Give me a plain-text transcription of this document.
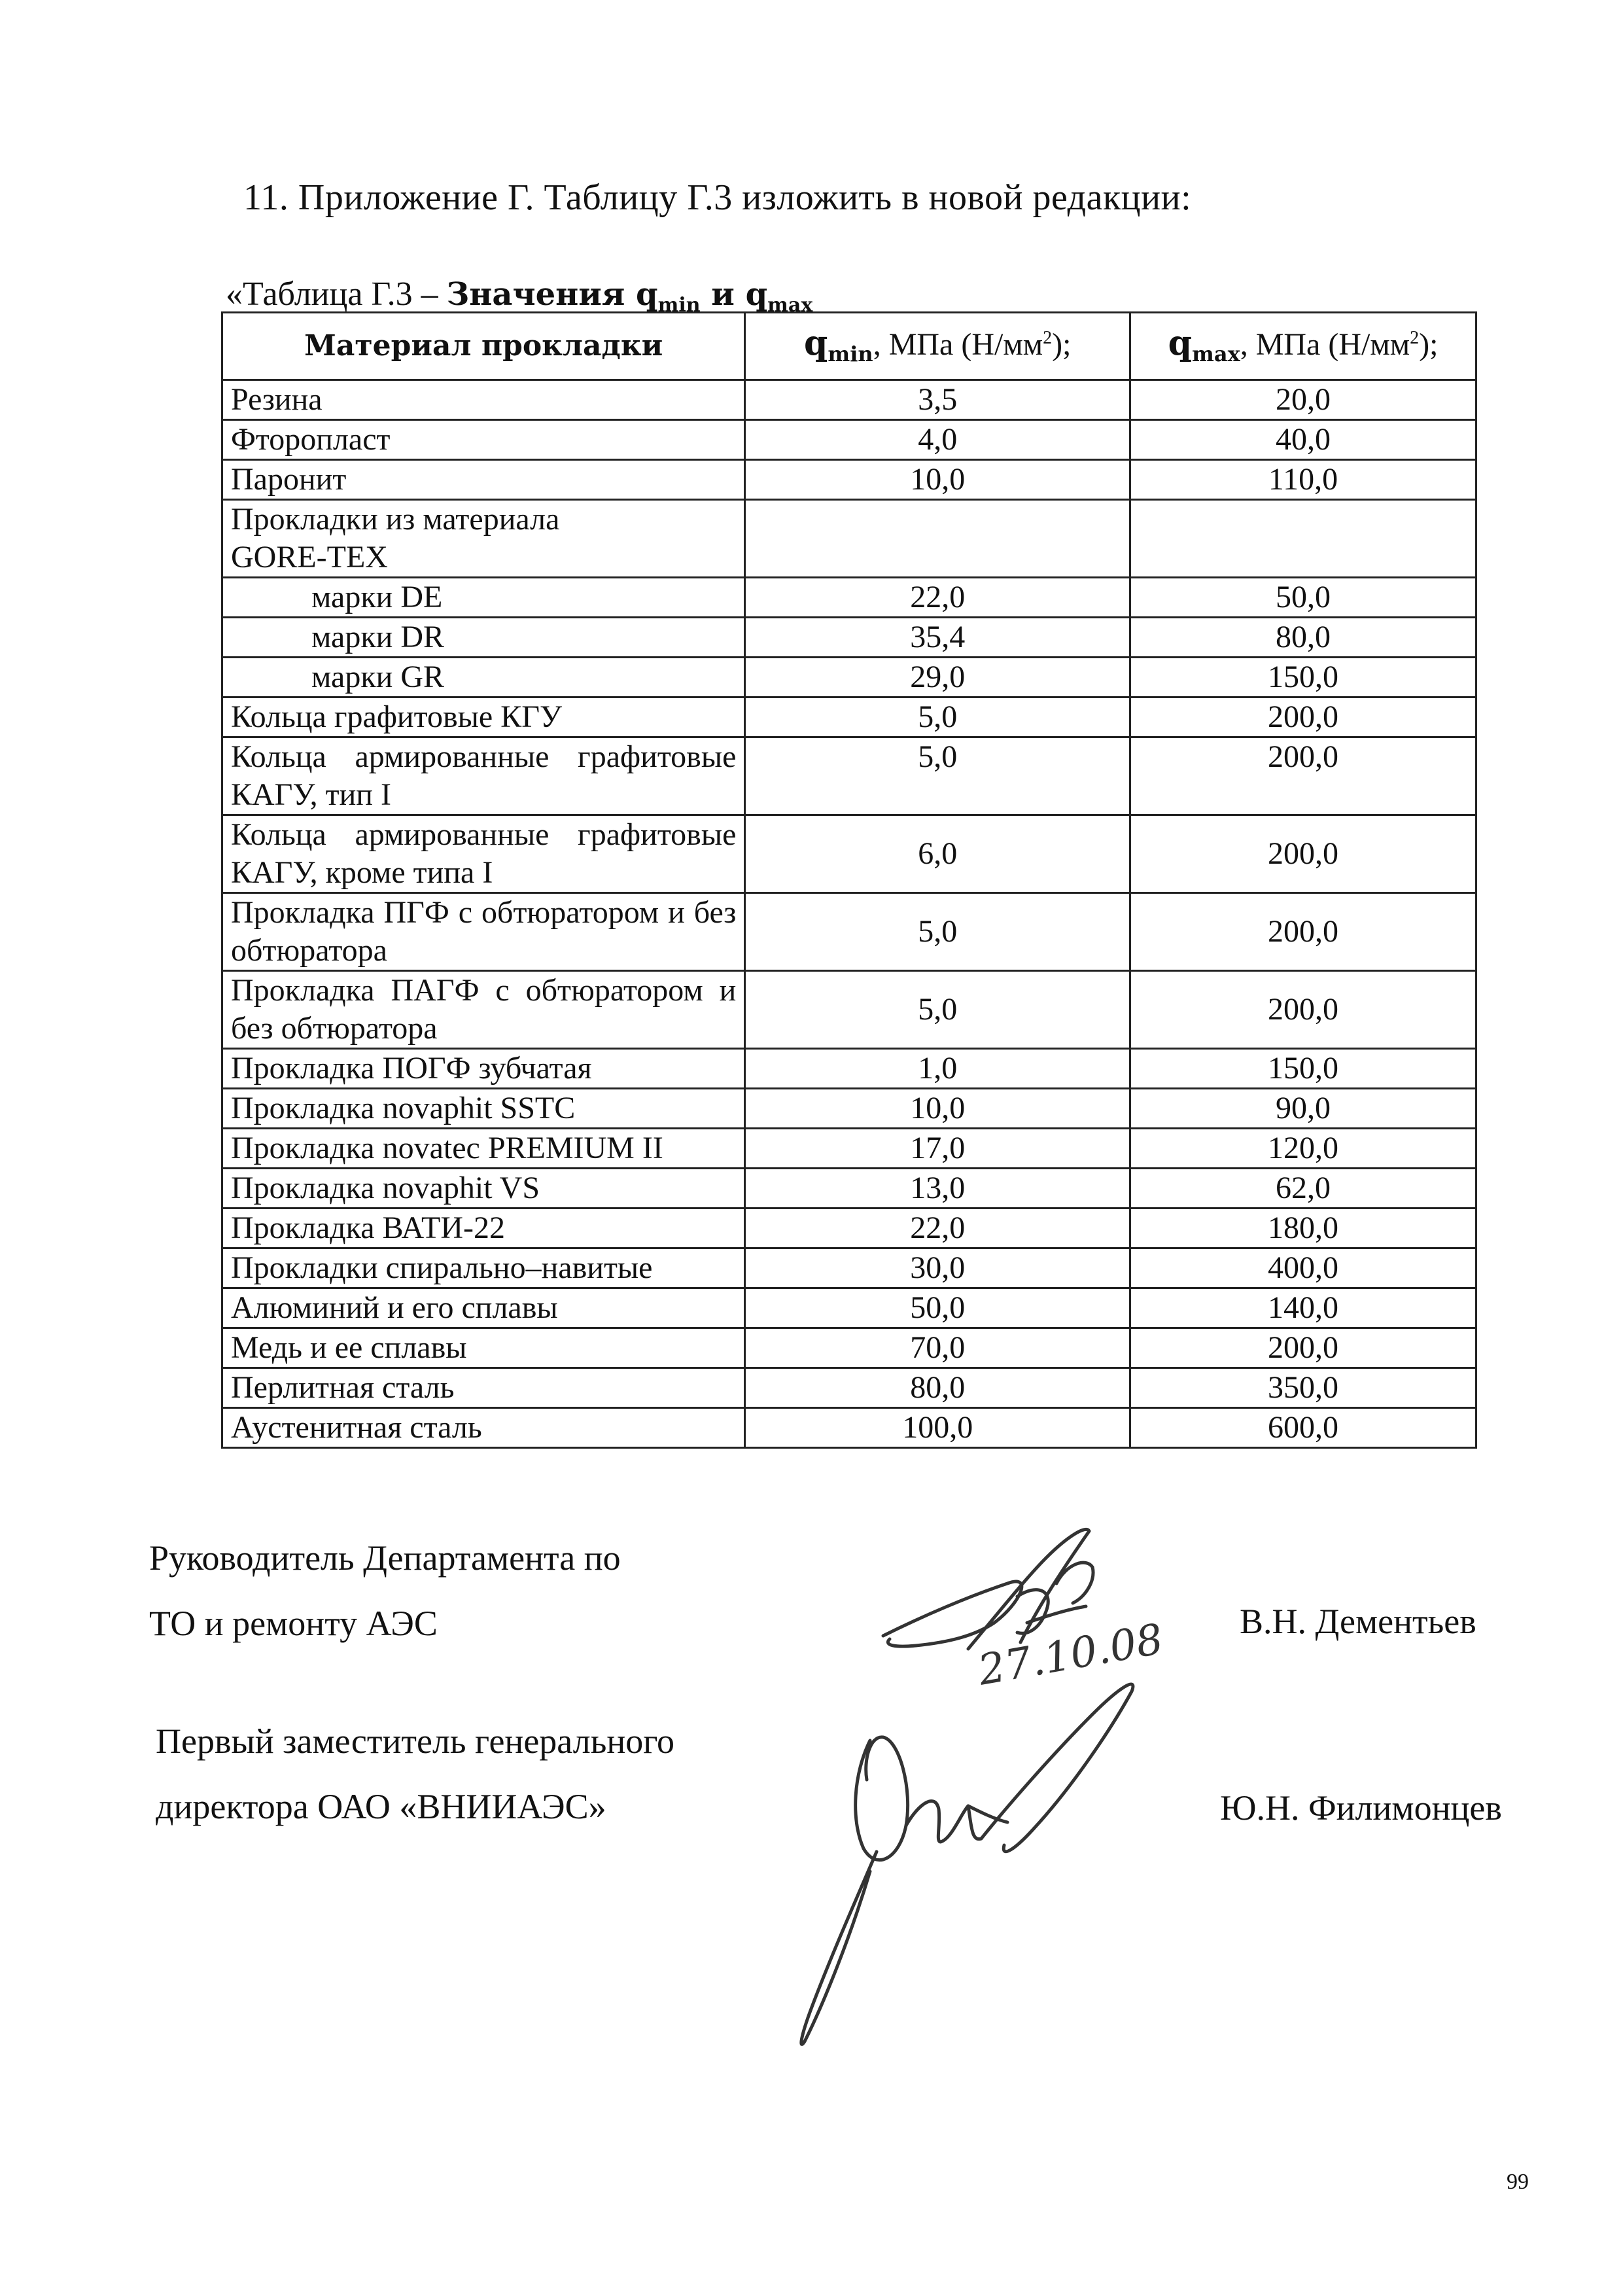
11. Приложение Г. Таблицу Г.3 изложить в новой редакции:
«Таблица Г.3 – Значения $q_{min}$ и $q_{max}$
Материал прокладки	$q_{min}$, МПа $(Н/мм^2)$;	$q_{max}$, МПа $(Н/мм^2)$;
Резина	3,5	20,0
Фторопласт	4,0	40,0
Паронит	10,0	110,0

Прокладки из материала GORE-TEX		

марки DE	22,0	50,0
марки DR	35,4	80,0
марки GR	29,0	150,0
Кольца графитовые КГУ	5,0	200,0
Кольца армированные графитовые КАГУ, тип I	5,0	200,0
Кольца армированные графитовые КАГУ, кроме типа I	6,0	200,0
Прокладка ПГФ с обтюратором и без обтюратора	5,0	200,0
Прокладка ПАГФ с обтюратором и без обтюратора	5,0	200,0
Прокладка ПОГФ зубчатая	1,0	150,0
Прокладка novaphit SSTC	10,0	90,0
Прокладка novatec PREMIUM II	17,0	120,0
Прокладка novaphit VS	13,0	62,0
Прокладка ВАТИ-22	22,0	180,0
Прокладки спирально–навитые	30,0	400,0
Алюминий и его сплавы	50,0	140,0
Медь и ее сплавы	70,0	200,0
Перлитная сталь	80,0	350,0
Аустенитная сталь	100,0	600,0
Руководитель Департамента по
ТО и ремонту АЭС	В.Н. Дементьев
27.10.08
Первый заместитель генерального
директора ОАО «ВНИИАЭС»	Ю.Н. Филимонцев
99
